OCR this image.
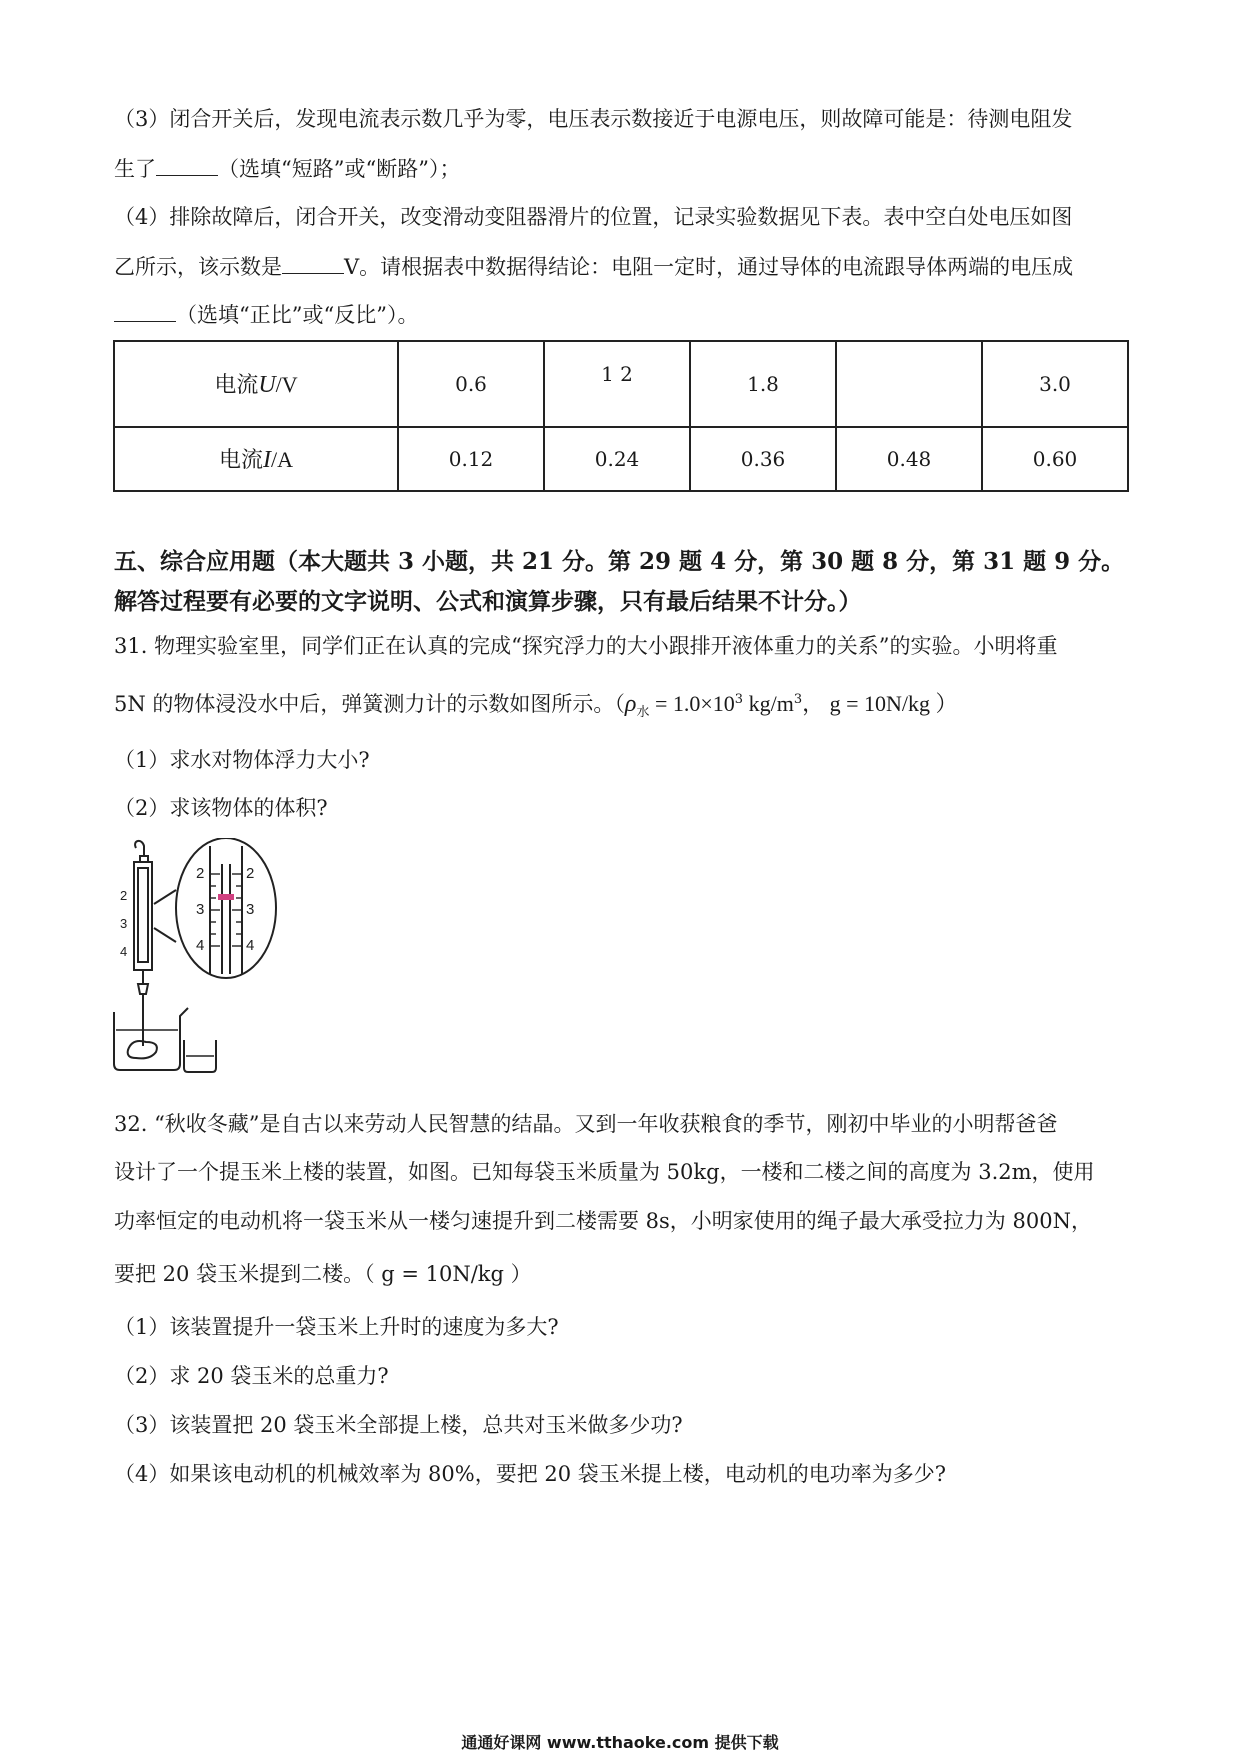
（3）闭合开关后，发现电流表示数几乎为零，电压表示数接近于电源电压，则故障可能是：待测电阻发
生了	（选填“短路”或“断路”）；
（4）排除故障后，闭合开关，改变滑动变阻器滑片的位置，记录实验数据见下表。表中空白处电压如图
乙所示，该示数是	V。请根据表中数据得结论：电阻一定时，通过导体的电流跟导体两端的电压成
（选填“正比”或“反比”）。
电流U/V	0.6	1 2	1.8		3.0
电流I/A	0.12	0.24	0.36	0.48	0.60
五、综合应用题（本大题共 3 小题，共 21 分。第 29 题 4 分，第 30 题 8 分，第 31 题 9 分。
解答过程要有必要的文字说明、公式和演算步骤，只有最后结果不计分。）
31. 物理实验室里，同学们正在认真的完成“探究浮力的大小跟排开液体重力的关系”的实验。小明将重
5N 的物体浸没水中后，弹簧测力计的示数如图所示。（$\rho_水 = 1.0\times 10^3$ $kg/m^3$， g = 10N/kg ）
（1）求水对物体浮力大小?
（2）求该物体的体积?
2
3
4
2
3
4
2
3
4
32. “秋收冬藏”是自古以来劳动人民智慧的结晶。又到一年收获粮食的季节，刚初中毕业的小明帮爸爸
设计了一个提玉米上楼的装置，如图。已知每袋玉米质量为 50kg，一楼和二楼之间的高度为 3.2m，使用
功率恒定的电动机将一袋玉米从一楼匀速提升到二楼需要 8s，小明家使用的绳子最大承受拉力为 800N，
要把 20 袋玉米提到二楼。（ g = 10N/kg ）
（1）该装置提升一袋玉米上升时的速度为多大?
（2）求 20 袋玉米的总重力?
（3）该装置把 20 袋玉米全部提上楼，总共对玉米做多少功?
（4）如果该电动机的机械效率为 80%，要把 20 袋玉米提上楼，电动机的电功率为多少?
通通好课网 www.tthaoke.com 提供下载
